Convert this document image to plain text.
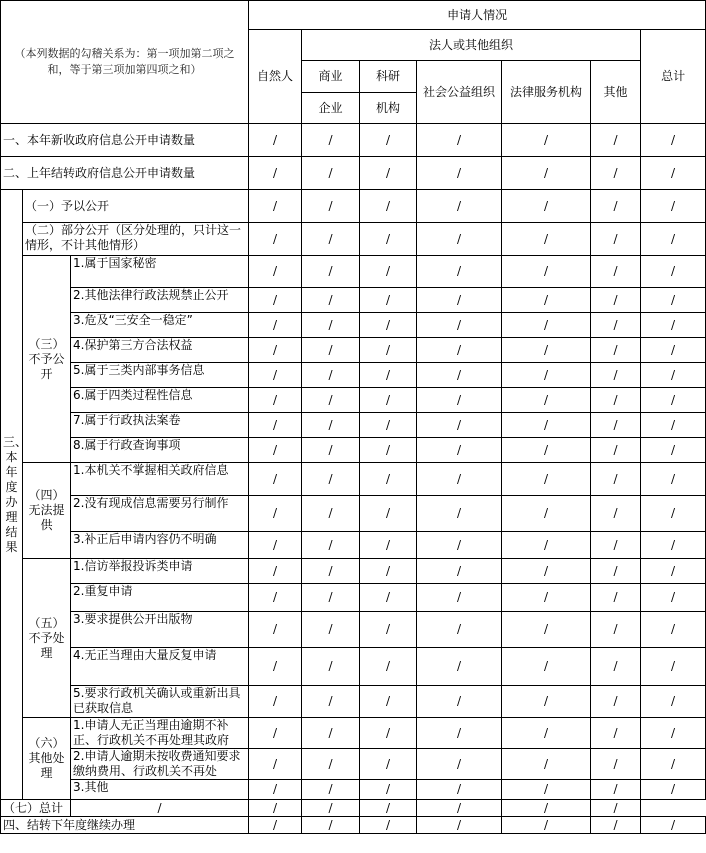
（本列数据的勾稽关系为：第一项加第二项之和，等于第三项加第四项之和）			申请人情况						
			自然人	法人或其他组织					总计
				商业	科研	社会公益组织	法律服务机构	其他	
				企业	机构				
一、本年新收政府信息公开申请数量			/	/	/	/	/	/	/
二、上年结转政府信息公开申请数量			/	/	/	/	/	/	/
三、本年度办理结果	（一）予以公开		/	/	/	/	/	/	/
	（二）部分公开（区分处理的，只计这一情形，不计其他情形）		/	/	/	/	/	/	/
	（三）不予公开	1.属于国家秘密	/	/	/	/	/	/	/
		2.其他法律行政法规禁止公开	/	/	/	/	/	/	/
		3.危及“三安全一稳定”	/	/	/	/	/	/	/
		4.保护第三方合法权益	/	/	/	/	/	/	/
		5.属于三类内部事务信息	/	/	/	/	/	/	/
		6.属于四类过程性信息	/	/	/	/	/	/	/
		7.属于行政执法案卷	/	/	/	/	/	/	/
		8.属于行政查询事项	/	/	/	/	/	/	/
	（四）无法提供	1.本机关不掌握相关政府信息	/	/	/	/	/	/	/
		2.没有现成信息需要另行制作	/	/	/	/	/	/	/
		3.补正后申请内容仍不明确	/	/	/	/	/	/	/
	（五）不予处理	1.信访举报投诉类申请	/	/	/	/	/	/	/
		2.重复申请	/	/	/	/	/	/	/
		3.要求提供公开出版物	/	/	/	/	/	/	/
		4.无正当理由大量反复申请	/	/	/	/	/	/	/
		5.要求行政机关确认或重新出具已获取信息	/	/	/	/	/	/	/
	（六）其他处理	1.申请人无正当理由逾期不补正、行政机关不再处理其政府	/	/	/	/	/	/	/
		2.申请人逾期未按收费通知要求缴纳费用、行政机关不再处	/	/	/	/	/	/	/
		3.其他	/	/	/	/	/	/	/
（七）总计		/	/	/	/	/	/	/	
四、结转下年度继续办理			/	/	/	/	/	/	/
